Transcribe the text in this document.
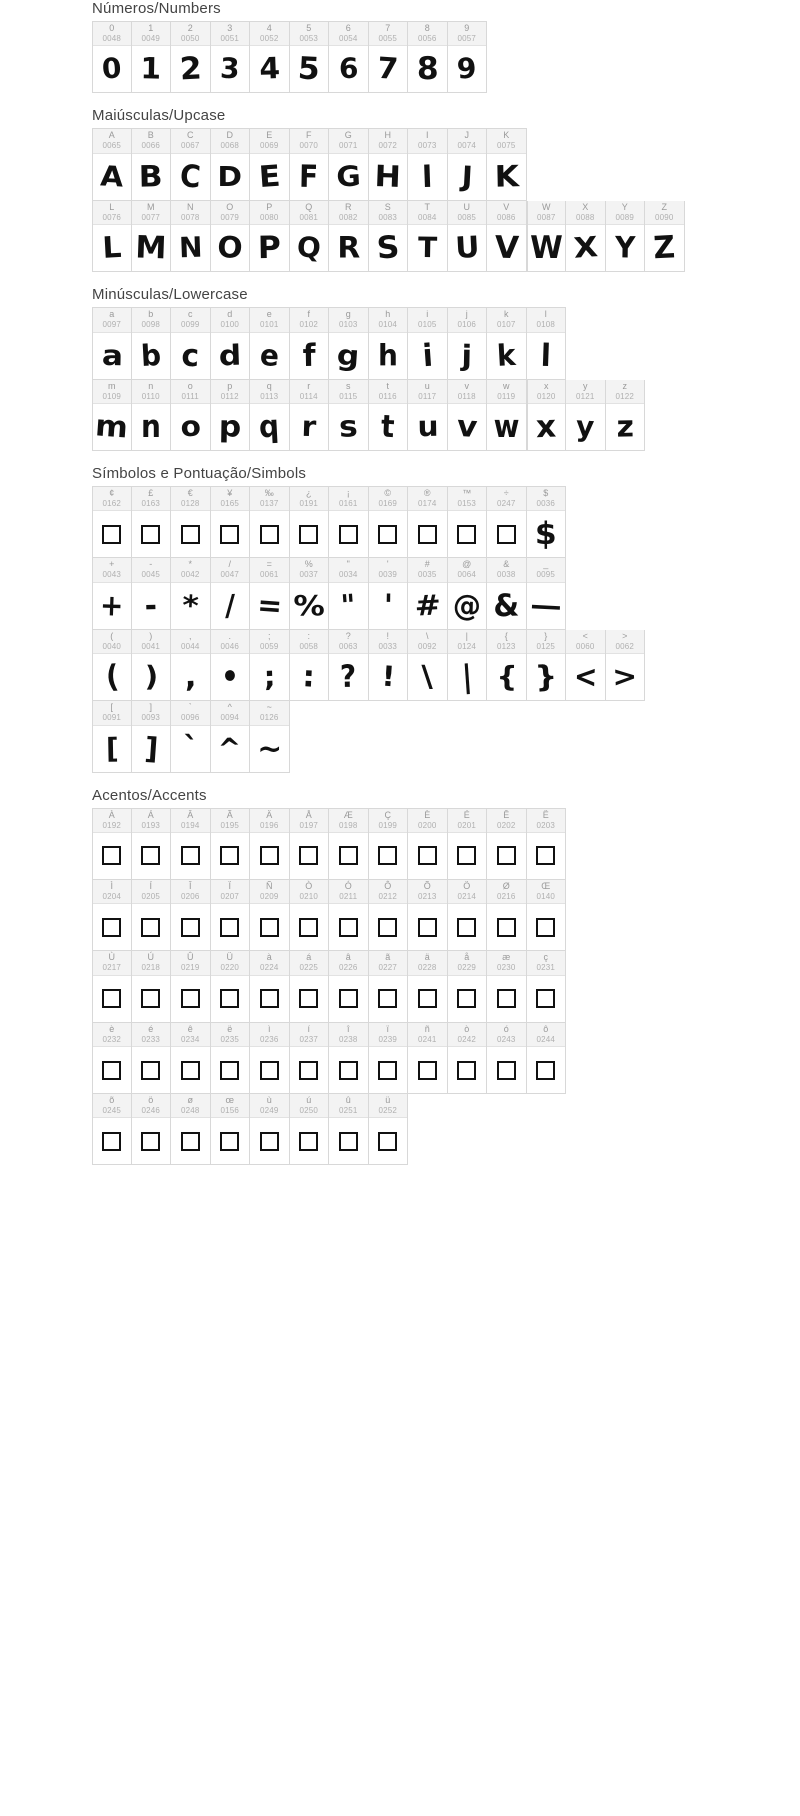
Números/Numbers
0
0048
0
1
0049
1
2
0050
2
3
0051
3
4
0052
4
5
0053
5
6
0054
6
7
0055
7
8
0056
8
9
0057
9
Maiúsculas/Upcase
A
0065
A
B
0066
B
C
0067
C
D
0068
D
E
0069
E
F
0070
F
G
0071
G
H
0072
H
I
0073
I
J
0074
J
K
0075
K
L
0076
L
M
0077
M
N
0078
N
O
0079
O
P
0080
P
Q
0081
Q
R
0082
R
S
0083
S
T
0084
T
U
0085
U
V
0086
V
W
0087
W
X
0088
X
Y
0089
Y
Z
0090
Z
Minúsculas/Lowercase
a
0097
a
b
0098
b
c
0099
c
d
0100
d
e
0101
e
f
0102
f
g
0103
g
h
0104
h
i
0105
i
j
0106
j
k
0107
k
l
0108
l
m
0109
m
n
0110
n
o
0111
o
p
0112
p
q
0113
q
r
0114
r
s
0115
s
t
0116
t
u
0117
u
v
0118
v
w
0119
w
x
0120
x
y
0121
y
z
0122
z
Símbolos e Pontuação/Simbols
¢
0162
£
0163
€
0128
¥
0165
‰
0137
¿
0191
¡
0161
©
0169
®
0174
™
0153
÷
0247
$
0036
$
+
0043
+
-
0045
-
*
0042
*
/
0047
/
=
0061
=
%
0037
%
"
0034
"
'
0039
'
#
0035
#
@
0064
@
&
0038
&
_
0095
—
(
0040
(
)
0041
)
,
0044
,
.
0046
•
;
0059
;
:
0058
:
?
0063
?
!
0033
!
\
0092
\
|
0124
|
{
0123
{
}
0125
}
<
0060
<
>
0062
>
[
0091
[
]
0093
]
`
0096
`
^
0094
^
~
0126
~
Acentos/Accents
À
0192
Á
0193
Â
0194
Ã
0195
Ä
0196
Å
0197
Æ
0198
Ç
0199
È
0200
É
0201
Ê
0202
Ë
0203
Ì
0204
Í
0205
Î
0206
Ï
0207
Ñ
0209
Ò
0210
Ó
0211
Ô
0212
Õ
0213
Ö
0214
Ø
0216
Œ
0140
Ù
0217
Ú
0218
Û
0219
Ü
0220
à
0224
á
0225
â
0226
ã
0227
ä
0228
å
0229
æ
0230
ç
0231
è
0232
é
0233
ê
0234
ë
0235
ì
0236
í
0237
î
0238
ï
0239
ñ
0241
ò
0242
ó
0243
ô
0244
õ
0245
ö
0246
ø
0248
œ
0156
ù
0249
ú
0250
û
0251
ü
0252
